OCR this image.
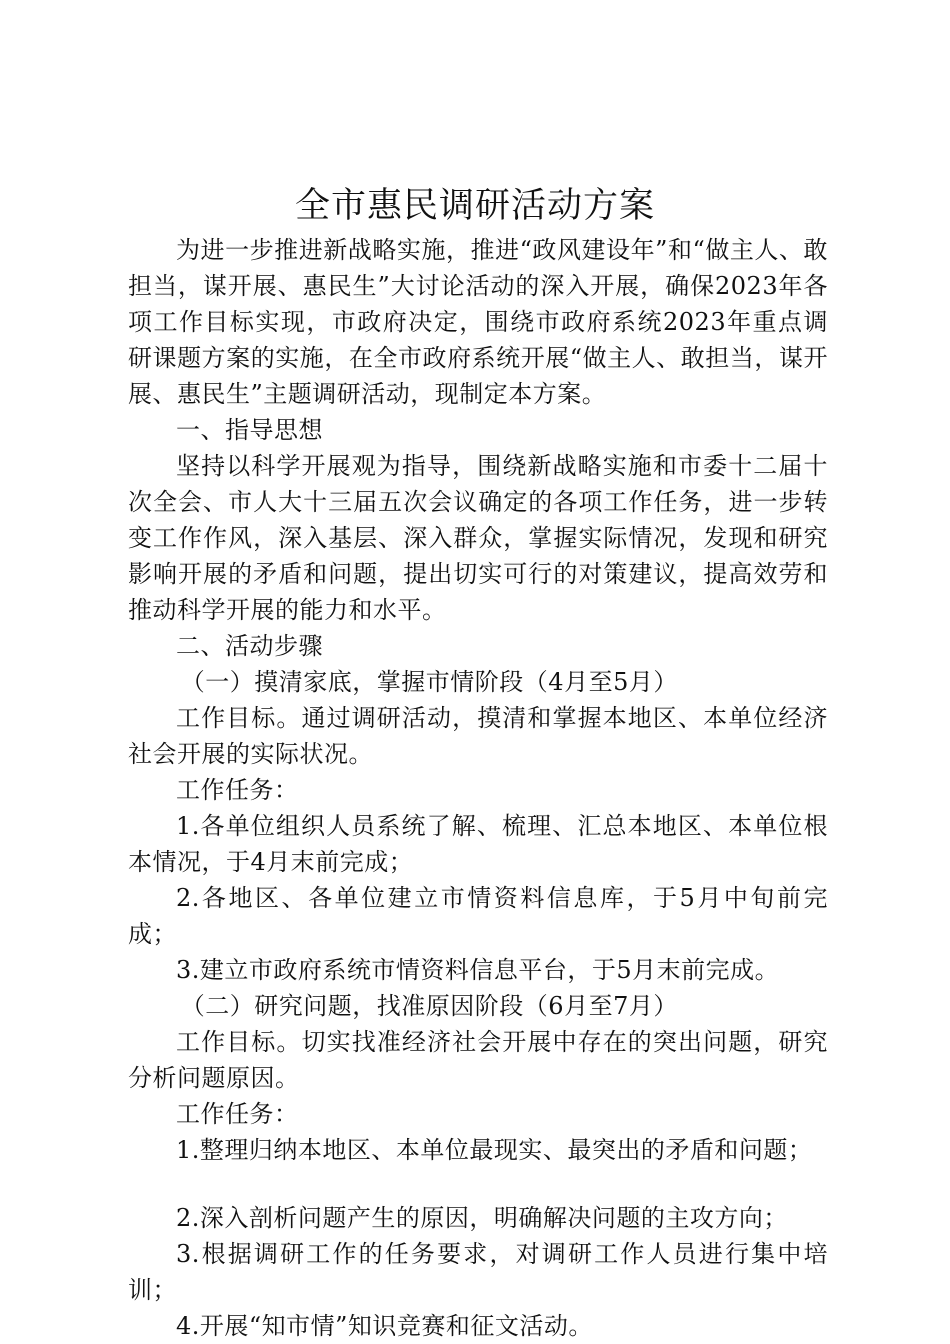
全市惠民调研活动方案

为进一步推进新战略实施，推进“政风建设年”和“做主人、敢担当，谋开展、惠民生”大讨论活动的深入开展，确保2023年各项工作目标实现，市政府决定，围绕市政府系统2023年重点调研课题方案的实施，在全市政府系统开展“做主人、敢担当，谋开展、惠民生”主题调研活动，现制定本方案。

一、指导思想

坚持以科学开展观为指导，围绕新战略实施和市委十二届十次全会、市人大十三届五次会议确定的各项工作任务，进一步转变工作作风，深入基层、深入群众，掌握实际情况，发现和研究影响开展的矛盾和问题，提出切实可行的对策建议，提高效劳和推动科学开展的能力和水平。

二、活动步骤

（一）摸清家底，掌握市情阶段（4月至5月）

工作目标。通过调研活动，摸清和掌握本地区、本单位经济社会开展的实际状况。

工作任务：

1.各单位组织人员系统了解、梳理、汇总本地区、本单位根本情况，于4月末前完成；

2.各地区、各单位建立市情资料信息库，于5月中旬前完成；

3.建立市政府系统市情资料信息平台，于5月末前完成。

（二）研究问题，找准原因阶段（6月至7月）

工作目标。切实找准经济社会开展中存在的突出问题，研究分析问题原因。

工作任务：

1.整理归纳本地区、本单位最现实、最突出的矛盾和问题；

2.深入剖析问题产生的原因，明确解决问题的主攻方向；

3.根据调研工作的任务要求，对调研工作人员进行集中培训；

4.开展“知市情”知识竞赛和征文活动。
